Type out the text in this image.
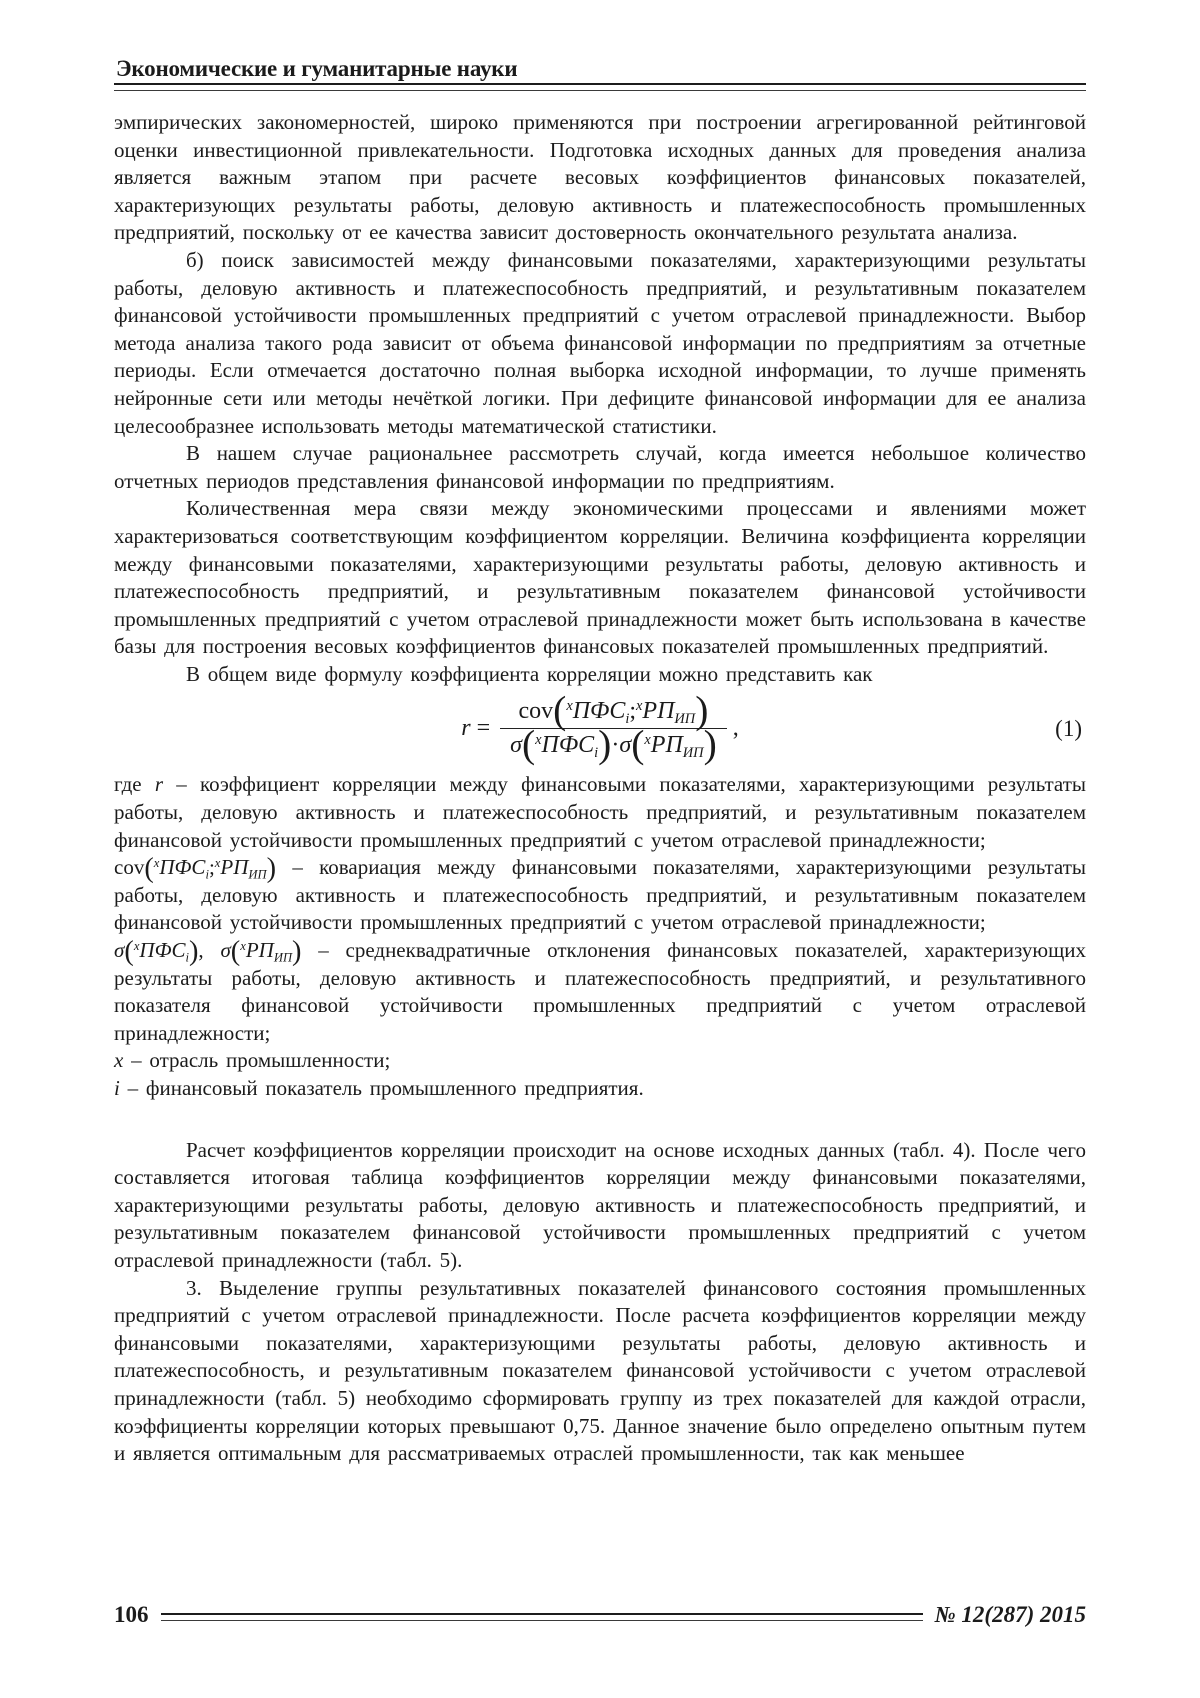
Экономические и гуманитарные науки

эмпирических закономерностей, широко применяются при построении агрегированной рейтинговой оценки инвестиционной привлекательности. Подготовка исходных данных для проведения анализа является важным этапом при расчете весовых коэффициентов финансовых показателей, характеризующих результаты работы, деловую активность и платежеспособность промышленных предприятий, поскольку от ее качества зависит достоверность окончательного результата анализа.

б) поиск зависимостей между финансовыми показателями, характеризующими результаты работы, деловую активность и платежеспособность предприятий, и результативным показателем финансовой устойчивости промышленных предприятий с учетом отраслевой принадлежности. Выбор метода анализа такого рода зависит от объема финансовой информации по предприятиям за отчетные периоды. Если отмечается достаточно полная выборка исходной информации, то лучше применять нейронные сети или методы нечёткой логики. При дефиците финансовой информации для ее анализа целесообразнее использовать методы математической статистики.

В нашем случае рациональнее рассмотреть случай, когда имеется небольшое количество отчетных периодов представления финансовой информации по предприятиям.

Количественная мера связи между экономическими процессами и явлениями может характеризоваться соответствующим коэффициентом корреляции. Величина коэффициента корреляции между финансовыми показателями, характеризующими результаты работы, деловую активность и платежеспособность предприятий, и результативным показателем финансовой устойчивости промышленных предприятий с учетом отраслевой принадлежности может быть использована в качестве базы для построения весовых коэффициентов финансовых показателей промышленных предприятий.

В общем виде формулу коэффициента корреляции можно представить как

r
=
$\frac{cov(^xПФС_i;^xРП_{ИП})}{\sigma(^xПФС_i)\cdot\sigma(^xРП_{ИП})}$ ,	(1)

где r – коэффициент корреляции между финансовыми показателями, характеризующими результаты работы, деловую активность и платежеспособность предприятий, и результативным показателем финансовой устойчивости промышленных предприятий с учетом отраслевой принадлежности;

$cov(^xПФС_i;^xРП_{ИП})$ – ковариация между финансовыми показателями, характеризующими результаты работы, деловую активность и платежеспособность предприятий, и результативным показателем финансовой устойчивости промышленных предприятий с учетом отраслевой принадлежности;

$\sigma(^xПФС_i)$, $\sigma(^xРП_{ИП})$ – среднеквадратичные отклонения финансовых показателей, характеризующих результаты работы, деловую активность и платежеспособность предприятий, и результативного показателя финансовой устойчивости промышленных предприятий с учетом отраслевой принадлежности;

x – отрасль промышленности;

i – финансовый показатель промышленного предприятия.

Расчет коэффициентов корреляции происходит на основе исходных данных (табл. 4). После чего составляется итоговая таблица коэффициентов корреляции между финансовыми показателями, характеризующими результаты работы, деловую активность и платежеспособность предприятий, и результативным показателем финансовой устойчивости промышленных предприятий с учетом отраслевой принадлежности (табл. 5).

3. Выделение группы результативных показателей финансового состояния промышленных предприятий с учетом отраслевой принадлежности. После расчета коэффициентов корреляции между финансовыми показателями, характеризующими результаты работы, деловую активность и платежеспособность, и результативным показателем финансовой устойчивости с учетом отраслевой принадлежности (табл. 5) необходимо сформировать группу из трех показателей для каждой отрасли, коэффициенты корреляции которых превышают 0,75. Данное значение было определено опытным путем и является оптимальным для рассматриваемых отраслей промышленности, так как меньшее

106	№ 12(287) 2015
